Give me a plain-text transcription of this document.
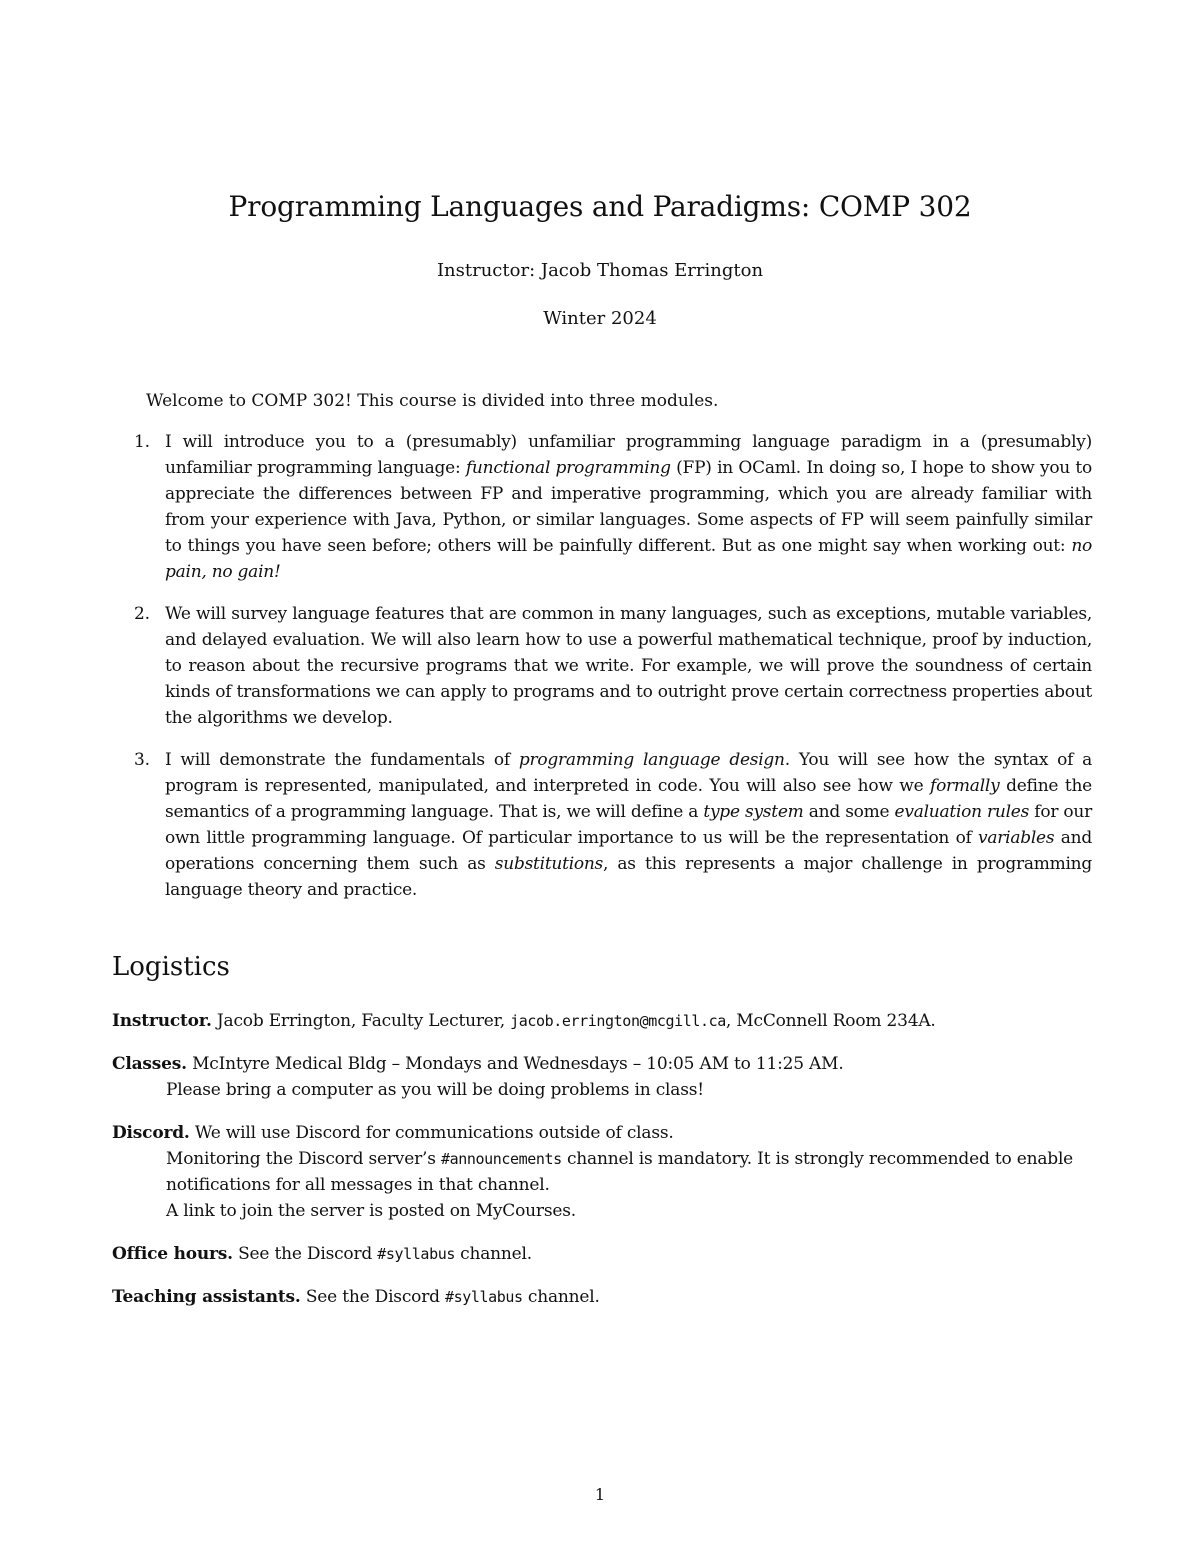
Programming Languages and Paradigms: COMP 302

Instructor: Jacob Thomas Errington

Winter 2024

Welcome to COMP 302! This course is divided into three modules.

1. I will introduce you to a (presumably) unfamiliar programming language paradigm in a (presumably) unfamiliar programming language: functional programming (FP) in OCaml. In doing so, I hope to show you to appreciate the differences between FP and imperative programming, which you are already familiar with from your experience with Java, Python, or similar languages. Some aspects of FP will seem painfully similar to things you have seen before; others will be painfully different. But as one might say when working out: no pain, no gain!

2. We will survey language features that are common in many languages, such as exceptions, mutable variables, and delayed evaluation. We will also learn how to use a powerful mathematical technique, proof by induction, to reason about the recursive programs that we write. For example, we will prove the soundness of certain kinds of transformations we can apply to programs and to outright prove certain correctness properties about the algorithms we develop.

3. I will demonstrate the fundamentals of programming language design. You will see how the syntax of a program is represented, manipulated, and interpreted in code. You will also see how we formally define the semantics of a programming language. That is, we will define a type system and some evaluation rules for our own little programming language. Of particular importance to us will be the representation of variables and operations concerning them such as substitutions, as this represents a major challenge in programming language theory and practice.

Logistics

Instructor. Jacob Errington, Faculty Lecturer, jacob.errington@mcgill.ca, McConnell Room 234A.

Classes. McIntyre Medical Bldg – Mondays and Wednesdays – 10:05 AM to 11:25 AM.

Please bring a computer as you will be doing problems in class!

Discord. We will use Discord for communications outside of class.

Monitoring the Discord server’s #announcements channel is mandatory. It is strongly recommended to enable notifications for all messages in that channel.

A link to join the server is posted on MyCourses.

Office hours. See the Discord #syllabus channel.

Teaching assistants. See the Discord #syllabus channel.

1
